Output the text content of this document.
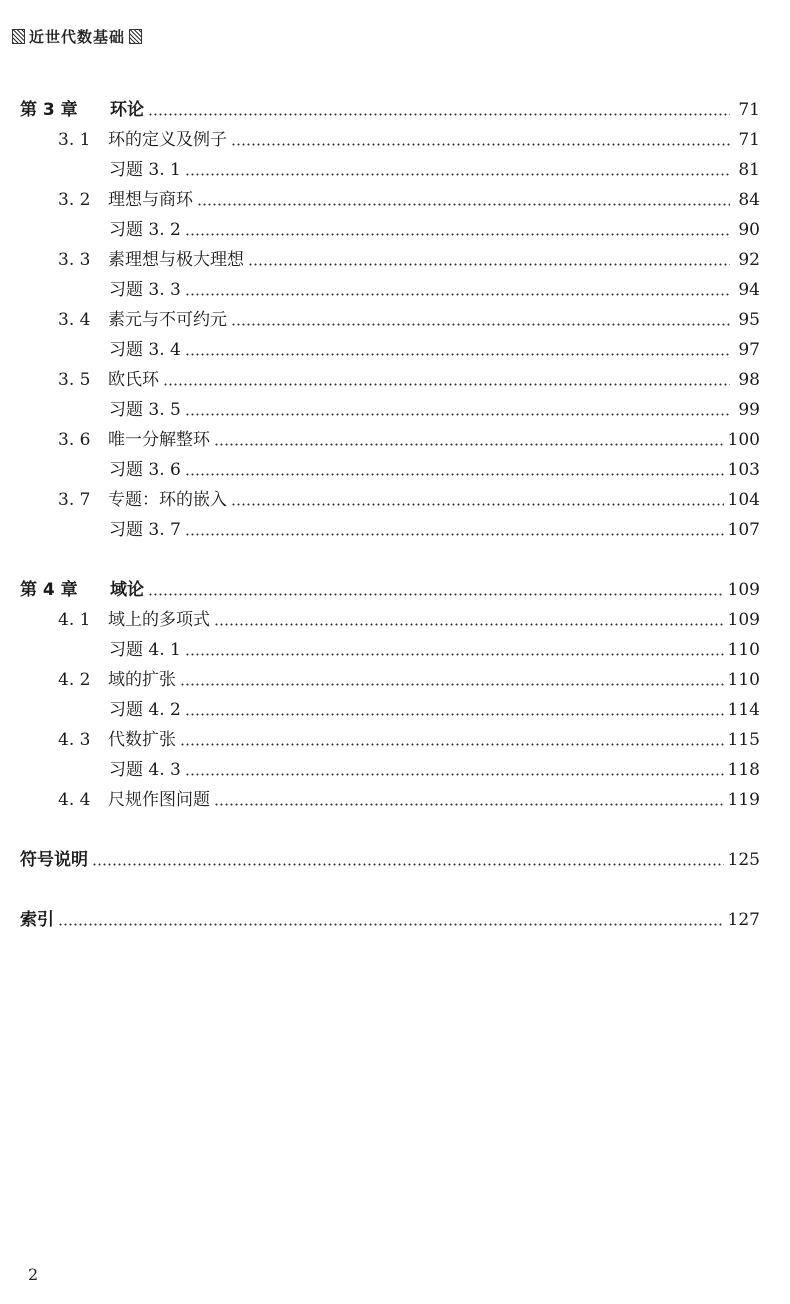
近世代数基础
第 3 章	环论	71
3. 1	环的定义及例子	71
习题 3. 1	81
3. 2	理想与商环	84
习题 3. 2	90
3. 3	素理想与极大理想	92
习题 3. 3	94
3. 4	素元与不可约元	95
习题 3. 4	97
3. 5	欧氏环	98
习题 3. 5	99
3. 6	唯一分解整环	100
习题 3. 6	103
3. 7	专题：环的嵌入	104
习题 3. 7	107
第 4 章	域论	109
4. 1	域上的多项式	109
习题 4. 1	110
4. 2	域的扩张	110
习题 4. 2	114
4. 3	代数扩张	115
习题 4. 3	118
4. 4	尺规作图问题	119
符号说明	125
索引	127
2
